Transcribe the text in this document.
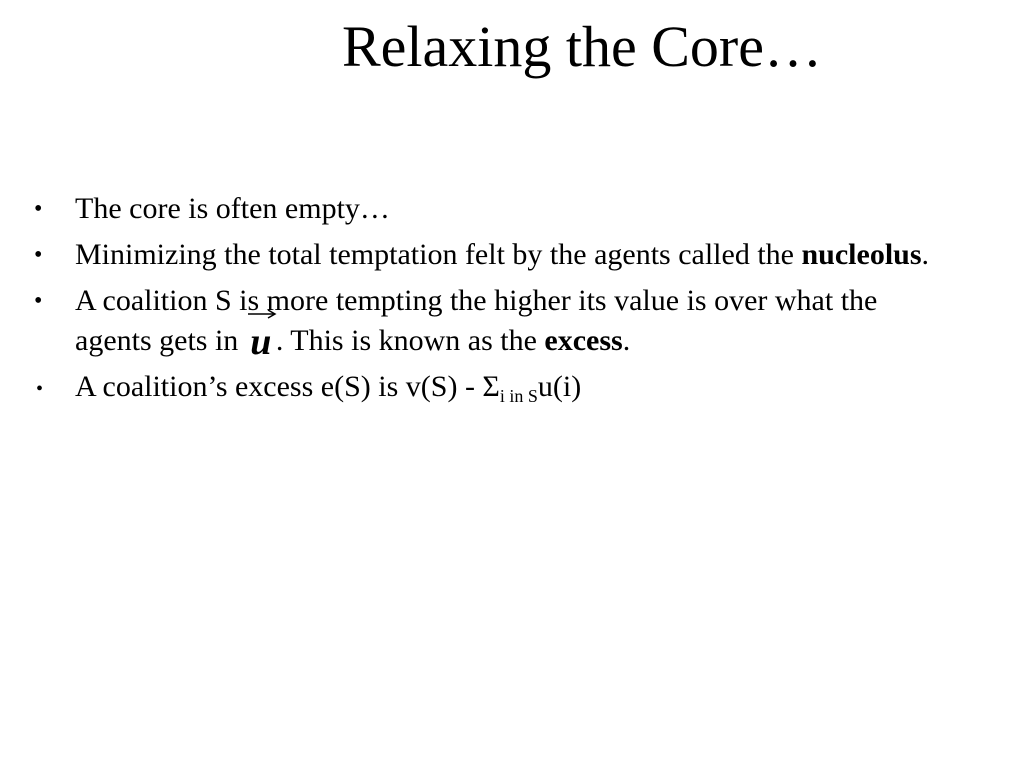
Relaxing the Core…
• The core is often empty…
• Minimizing the total temptation felt by the agents called the nucleolus.
• A coalition S is more tempting the higher its value is over what the agents gets in
u . This is known as the excess.
• A coalition’s excess e(S) is $v(S) - \Sigma_{i in S}u(i)$
